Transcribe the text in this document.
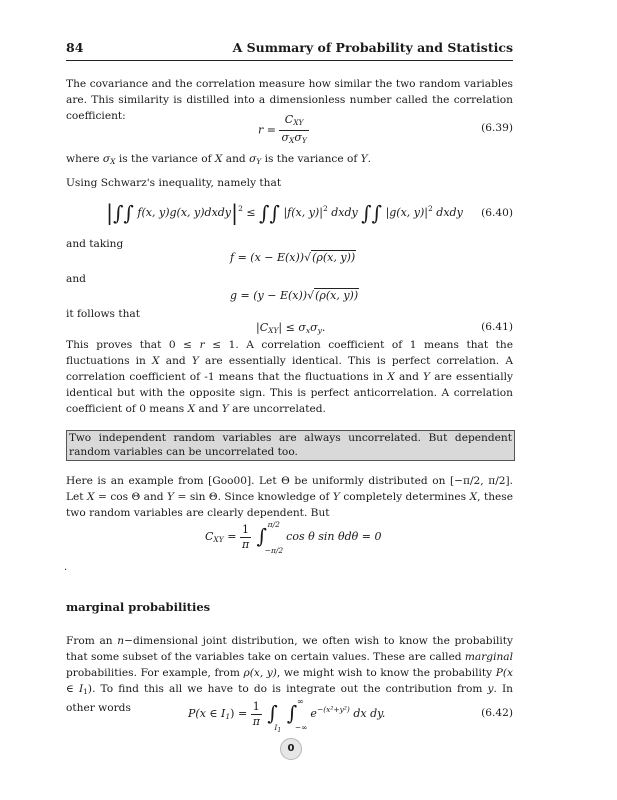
84	A Summary of Probability and Statistics
The covariance and the correlation measure how similar the two random variables are. This similarity is distilled into a dimensionless number called the correlation coefficient:
$r = \frac{C_{XY}}{\sigma_X\sigma_Y}$	(6.39)
where $\sigma_X$ is the variance of X and $\sigma_Y$ is the variance of Y.
Using Schwarz's inequality, namely that
|∫∫ f(x, y)g(x, $y)dxdy|^2$ ≤ ∫∫ |f(x, $y)|^2$ dxdy ∫∫ |g(x, $y)|^2$ dxdy (6.40)
and taking
f = (x − E(x))√(ρ(x, y))
and
g = (y − E(x))√(ρ(x, y))
it follows that
$|C_{XY}| \le \sigma_x\sigma_y$.	(6.41)
This proves that 0 ≤ r ≤ 1. A correlation coefficient of 1 means that the fluctuations in X and Y are essentially identical. This is perfect correlation. A correlation coefficient of -1 means that the fluctuations in X and Y are essentially identical but with the opposite sign. This is perfect anticorrelation. A correlation coefficient of 0 means X and Y are uncorrelated.
Two independent random variables are always uncorrelated. But dependent random variables can be uncorrelated too.
Here is an example from [Goo00]. Let Θ be uniformly distributed on [−π/2, π/2]. Let X = cos Θ and Y = sin Θ. Since knowledge of Y completely determines X, these two random variables are clearly dependent. But
$C_{XY} = \frac{1}{\pi}$
∫ π/2
−π/2
cos θ sin θdθ = 0
.
marginal probabilities
From an n−dimensional joint distribution, we often wish to know the probability that some subset of the variables take on certain values. These are called marginal probabilities. For example, from ρ(x, y), we might wish to know the probability P(x ∈ $I_1$). To find this all we have to do is integrate out the contribution from y. In other words	P(x ∈ $I_1) = \frac{1}{\pi}$
∫
$I_1$

∫ ∞
−∞
$e^{-(x^2+y^2)}$ dx dy.	(6.42)
0
